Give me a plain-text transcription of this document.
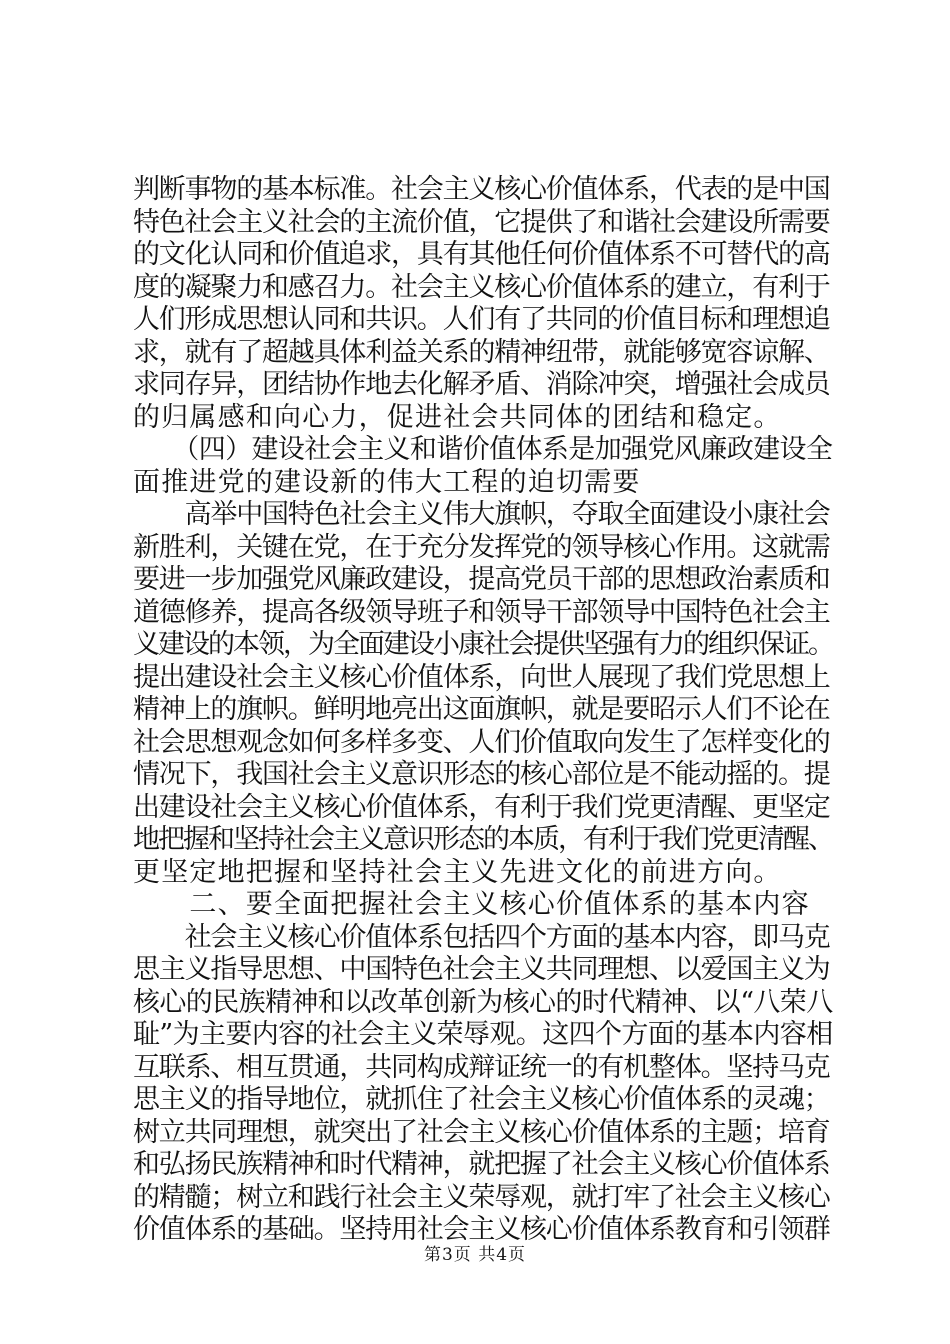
判断事物的基本标准。社会主义核心价值体系，代表的是中国
特色社会主义社会的主流价值，它提供了和谐社会建设所需要
的文化认同和价值追求，具有其他任何价值体系不可替代的高
度的凝聚力和感召力。社会主义核心价值体系的建立，有利于
人们形成思想认同和共识。人们有了共同的价值目标和理想追
求，就有了超越具体利益关系的精神纽带，就能够宽容谅解、
求同存异，团结协作地去化解矛盾、消除冲突，增强社会成员
的归属感和向心力，促进社会共同体的团结和稳定。
　　（四）建设社会主义和谐价值体系是加强党风廉政建设全
面推进党的建设新的伟大工程的迫切需要
　　高举中国特色社会主义伟大旗帜，夺取全面建设小康社会
新胜利，关键在党，在于充分发挥党的领导核心作用。这就需
要进一步加强党风廉政建设，提高党员干部的思想政治素质和
道德修养，提高各级领导班子和领导干部领导中国特色社会主
义建设的本领，为全面建设小康社会提供坚强有力的组织保证。
提出建设社会主义核心价值体系，向世人展现了我们党思想上
精神上的旗帜。鲜明地亮出这面旗帜，就是要昭示人们不论在
社会思想观念如何多样多变、人们价值取向发生了怎样变化的
情况下，我国社会主义意识形态的核心部位是不能动摇的。提
出建设社会主义核心价值体系，有利于我们党更清醒、更坚定
地把握和坚持社会主义意识形态的本质，有利于我们党更清醒、
更坚定地把握和坚持社会主义先进文化的前进方向。
　　二、要全面把握社会主义核心价值体系的基本内容
　　社会主义核心价值体系包括四个方面的基本内容，即马克
思主义指导思想、中国特色社会主义共同理想、以爱国主义为
核心的民族精神和以改革创新为核心的时代精神、以“八荣八
耻”为主要内容的社会主义荣辱观。这四个方面的基本内容相
互联系、相互贯通，共同构成辩证统一的有机整体。坚持马克
思主义的指导地位，就抓住了社会主义核心价值体系的灵魂；
树立共同理想，就突出了社会主义核心价值体系的主题；培育
和弘扬民族精神和时代精神，就把握了社会主义核心价值体系
的精髓；树立和践行社会主义荣辱观，就打牢了社会主义核心
价值体系的基础。坚持用社会主义核心价值体系教育和引领群
第3页 共4页
